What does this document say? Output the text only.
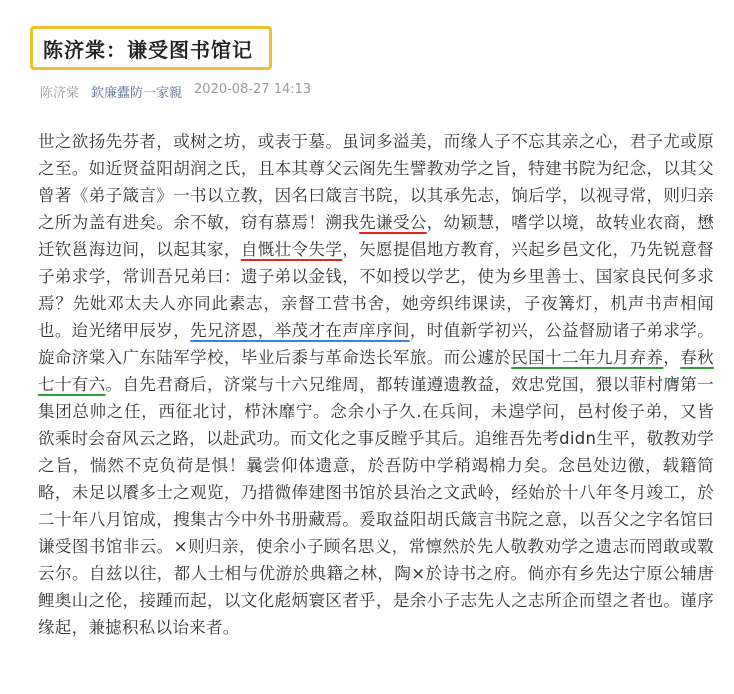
陈济棠：谦受图书馆记
陈济棠 欽廉蠹防一家親 2020-08-27 14:13

世之欲扬先芬者，或树之坊，或表于墓。虽词多溢美，而缘人子不忘其亲之心，君子尤或原之至。如近贤益阳胡润之氏，且本其尊父云阁先生譬教劝学之旨，特建书院为纪念，以其父曾著《弟子箴言》一书以立教，因名曰箴言书院，以其承先志，饷后学，以视寻常，则归亲之所为盖有进矣。余不敏，窃有慕焉！溯我先谦受公，幼颖慧，嗜学以境，故转业农商，懋迁钦邕海边间，以起其家，自慨壮令失学，矢愿提倡地方教育，兴起乡邑文化，乃先锐意督子弟求学，常训吾兄弟曰：遗子弟以金钱，不如授以学艺，使为乡里善士、国家良民何多求焉？先妣邓太夫人亦同此素志，亲督工营书舍，她旁织纬课读，子夜篝灯，机声书声相闻也。迨光绪甲辰岁，先兄济恩，举茂才在声庠序间，时值新学初兴，公益督励诸子弟求学。旋命济棠入广东陆军学校，毕业后黍与革命迭长军旅。而公遽於民国十二年九月弃养，春秋七十有六。自先君裔后，济棠与十六兄维周，都转谨遵遗教益，效忠党国，猥以菲村膺第一集团总帅之任，西征北讨，栉沐靡宁。念余小子久.在兵间，未遑学问，邑村俊子弟，又皆欲乘时会奋风云之路，以赴武功。而文化之事反瞠乎其后。追维吾先考didn生平，敬教劝学之旨，惴然不克负荷是惧！曩尝仰体遗意，於吾防中学稍竭棉力矣。念邑处边徼，载籍简略，未足以餍多士之观览，乃措微俸建图书馆於县治之文武岭，经始於十八年冬月竣工，於二十年八月馆成，搜集古今中外书册藏焉。爰取益阳胡氏箴言书院之意，以吾父之字名馆曰谦受图书馆非云。×则归亲，使余小子顾名思义，常懔然於先人敬教劝学之遗志而罔敢或斁云尔。自兹以往，都人士相与优游於典籍之林，陶×於诗书之府。倘亦有乡先达宁原公辅唐鲤奥山之伦，接踵而起，以文化彪炳寰区者乎，是余小子志先人之志所企而望之者也。谨序缘起，兼摅积私以诒来者。
